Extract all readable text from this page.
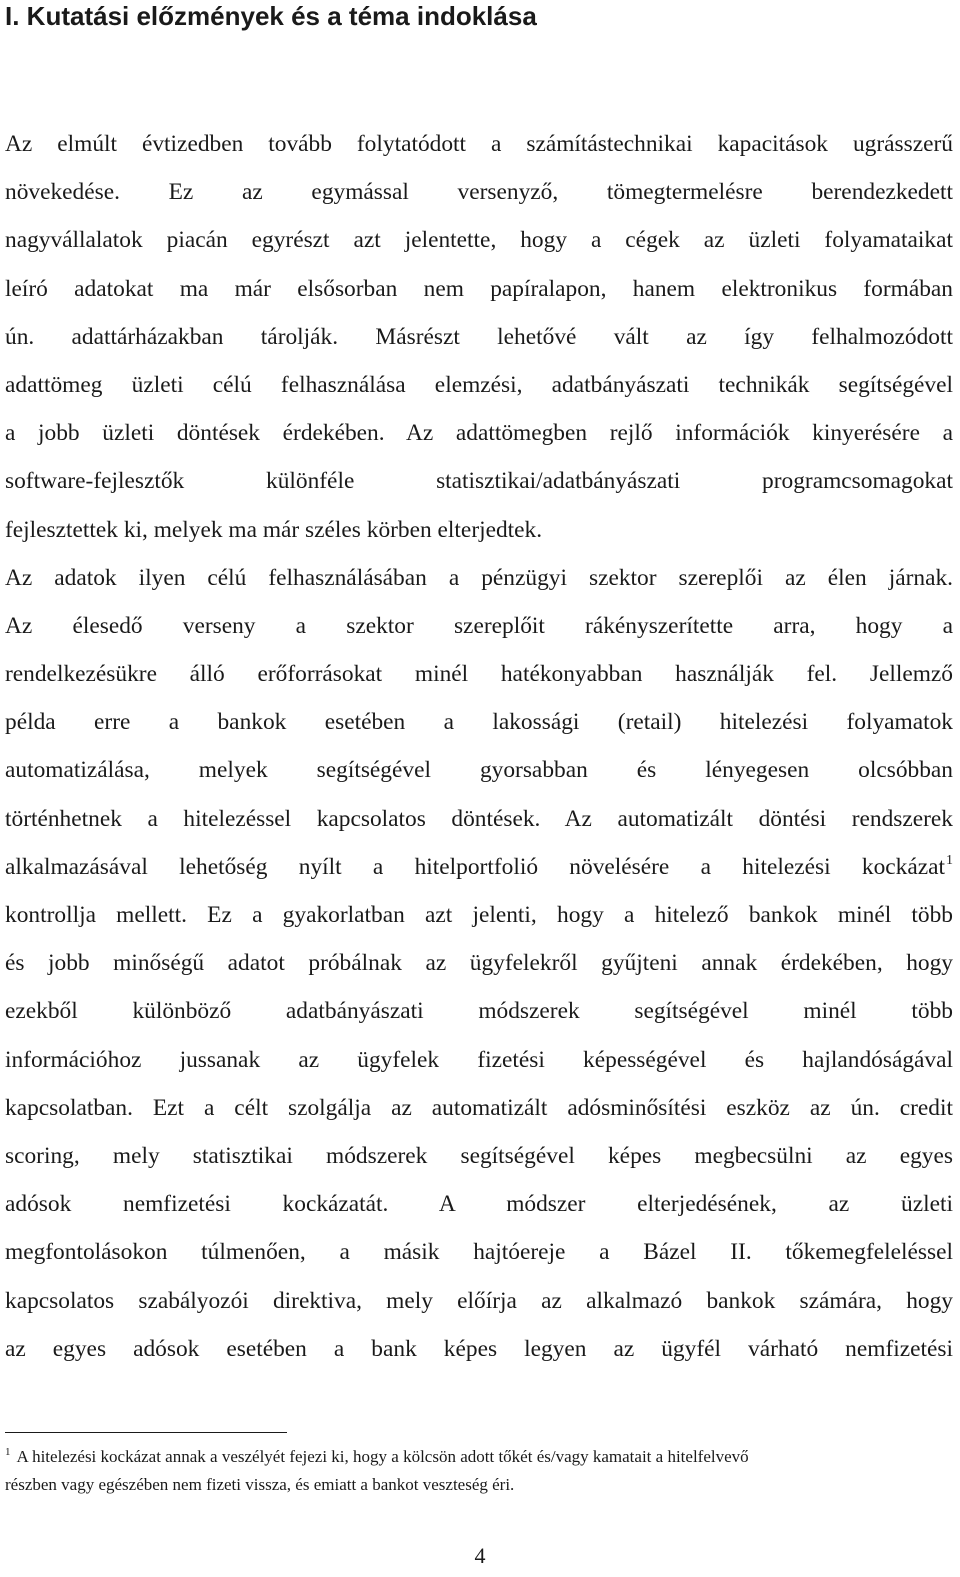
I. Kutatási előzmények és a téma indoklása
Az elmúlt évtizedben tovább folytatódott a számítástechnikai kapacitások ugrásszerű
növekedése. Ez az egymással versenyző, tömegtermelésre berendezkedett
nagyvállalatok piacán egyrészt azt jelentette, hogy a cégek az üzleti folyamataikat
leíró adatokat ma már elsősorban nem papíralapon, hanem elektronikus formában
ún. adattárházakban tárolják. Másrészt lehetővé vált az így felhalmozódott
adattömeg üzleti célú felhasználása elemzési, adatbányászati technikák segítségével
a jobb üzleti döntések érdekében. Az adattömegben rejlő információk kinyerésére a
software-fejlesztők különféle statisztikai/adatbányászati programcsomagokat
fejlesztettek ki, melyek ma már széles körben elterjedtek.
Az adatok ilyen célú felhasználásában a pénzügyi szektor szereplői az élen járnak.
Az élesedő verseny a szektor szereplőit rákényszerítette arra, hogy a
rendelkezésükre álló erőforrásokat minél hatékonyabban használják fel. Jellemző
példa erre a bankok esetében a lakossági (retail) hitelezési folyamatok
automatizálása, melyek segítségével gyorsabban és lényegesen olcsóbban
történhetnek a hitelezéssel kapcsolatos döntések. Az automatizált döntési rendszerek
alkalmazásával lehetőség nyílt a hitelportfolió növelésére a hitelezési kockázat$^1$
kontrollja mellett. Ez a gyakorlatban azt jelenti, hogy a hitelező bankok minél több
és jobb minőségű adatot próbálnak az ügyfelekről gyűjteni annak érdekében, hogy
ezekből különböző adatbányászati módszerek segítségével minél több
információhoz jussanak az ügyfelek fizetési képességével és hajlandóságával
kapcsolatban. Ezt a célt szolgálja az automatizált adósminősítési eszköz az ún. credit
scoring, mely statisztikai módszerek segítségével képes megbecsülni az egyes
adósok nemfizetési kockázatát. A módszer elterjedésének, az üzleti
megfontolásokon túlmenően, a másik hajtóereje a Bázel II. tőkemegfeleléssel
kapcsolatos szabályozói direktiva, mely előírja az alkalmazó bankok számára, hogy
az egyes adósok esetében a bank képes legyen az ügyfél várható nemfizetési
$^1$ A hitelezési kockázat annak a veszélyét fejezi ki, hogy a kölcsön adott tőkét és/vagy kamatait a hitelfelvevő
részben vagy egészében nem fizeti vissza, és emiatt a bankot veszteség éri.
4
